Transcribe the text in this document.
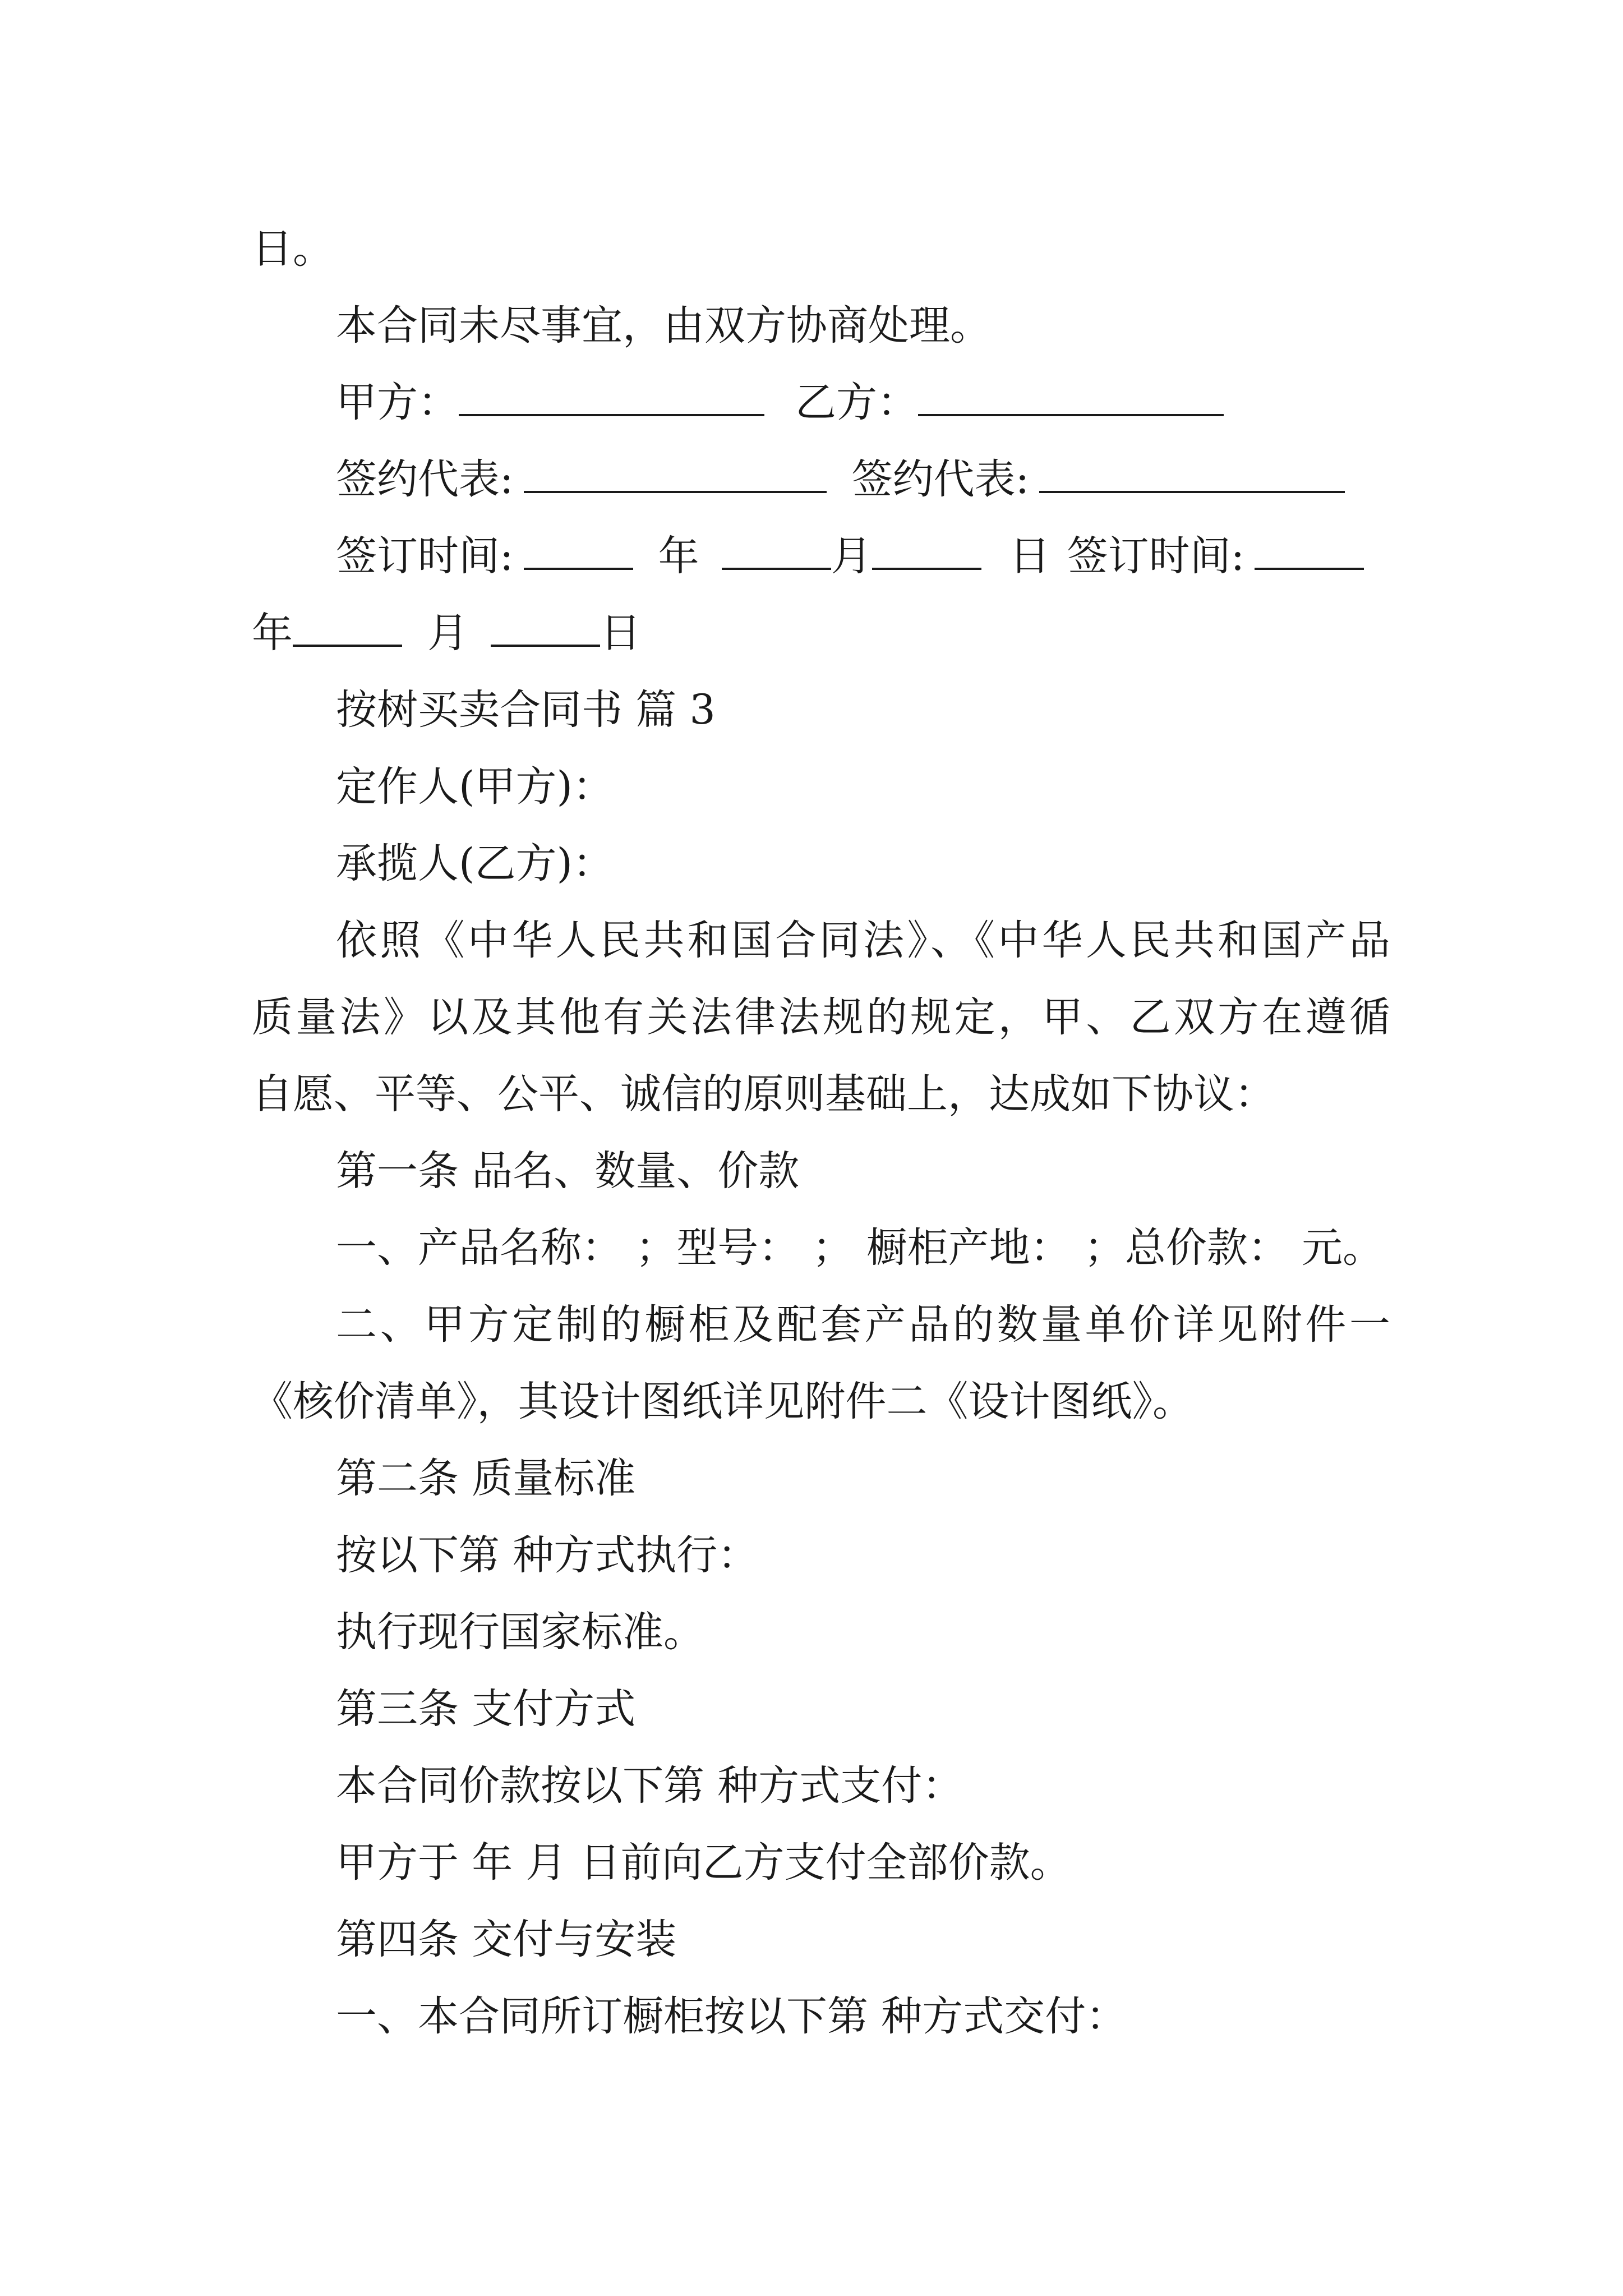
日。
本合同未尽事宜，由双方协商处理。
甲方：	乙方：
签约代表:	签约代表:
签订时间:	年	月	日 签订时间:
年	月	日
按树买卖合同书 篇 3
定作人(甲方)：
承揽人(乙方)：
依照《中华人民共和国合同法》、《中华人民共和国产品
质量法》以及其他有关法律法规的规定，甲、乙双方在遵循
自愿、平等、公平、诚信的原则基础上，达成如下协议：
第一条 品名、数量、价款
一、产品名称： ；型号： ； 橱柜产地： ；总价款： 元。
二、甲方定制的橱柜及配套产品的数量单价详见附件一
《核价清单》，其设计图纸详见附件二《设计图纸》。
第二条 质量标准
按以下第 种方式执行：
执行现行国家标准。
第三条 支付方式
本合同价款按以下第 种方式支付：
甲方于 年 月 日前向乙方支付全部价款。
第四条 交付与安装
一、本合同所订橱柜按以下第 种方式交付：
